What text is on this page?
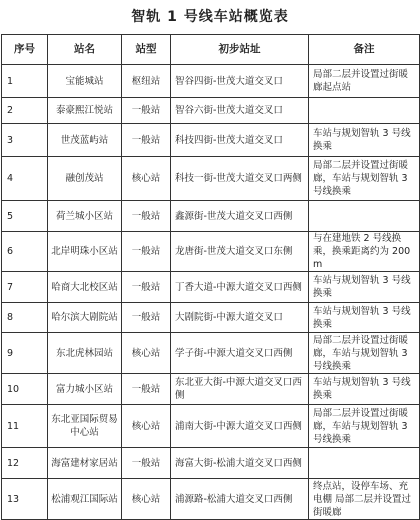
智轨 1 号线车站概览表
序号	站名	站型	初步站址	备注
1	宝能城站	枢纽站	智谷四街-世茂大道交叉口	局部二层并设置过街暖廊起点站
2	泰豪熙江悦站	一般站	智谷六街-世茂大道交叉口	
3	世茂蓝屿站	一般站	科技四街-世茂大道交叉口	车站与规划智轨 3 号线换乘
4	融创茂站	核心站	科技一街-世茂大道交叉口两侧	局部二层并设置过街暖廊，车站与规划智轨 3 号线换乘
5	荷兰城小区站	一般站	鑫源街-世茂大道交叉口西侧	
6	北岸明珠小区站	一般站	龙唐街-世茂大道交叉口东侧	与在建地铁 2 号线换乘，换乘距离约为 200m
7	哈商大北校区站	一般站	丁香大道-中源大道交叉口西侧	车站与规划智轨 3 号线换乘
8	哈尔滨大剧院站	一般站	大剧院街-中源大道交叉口	车站与规划智轨 3 号线换乘
9	东北虎林园站	核心站	学子街-中源大道交叉口西侧	局部二层并设置过街暖廊，车站与规划智轨 3 号线换乘
10	富力城小区站	一般站	东北亚大街-中源大道交叉口西侧	车站与规划智轨 3 号线换乘
11	东北亚国际贸易中心站	核心站	浦南大街-中源大道交叉口西侧	局部二层并设置过街暖廊，车站与规划智轨 3 号线换乘
12	海富建材家居站	一般站	海富大街-松浦大道交叉口西侧	
13	松浦观江国际站	核心站	浦源路-松浦大道交叉口西侧	终点站，设停车场、充电棚 局部二层并设置过街暖廊
